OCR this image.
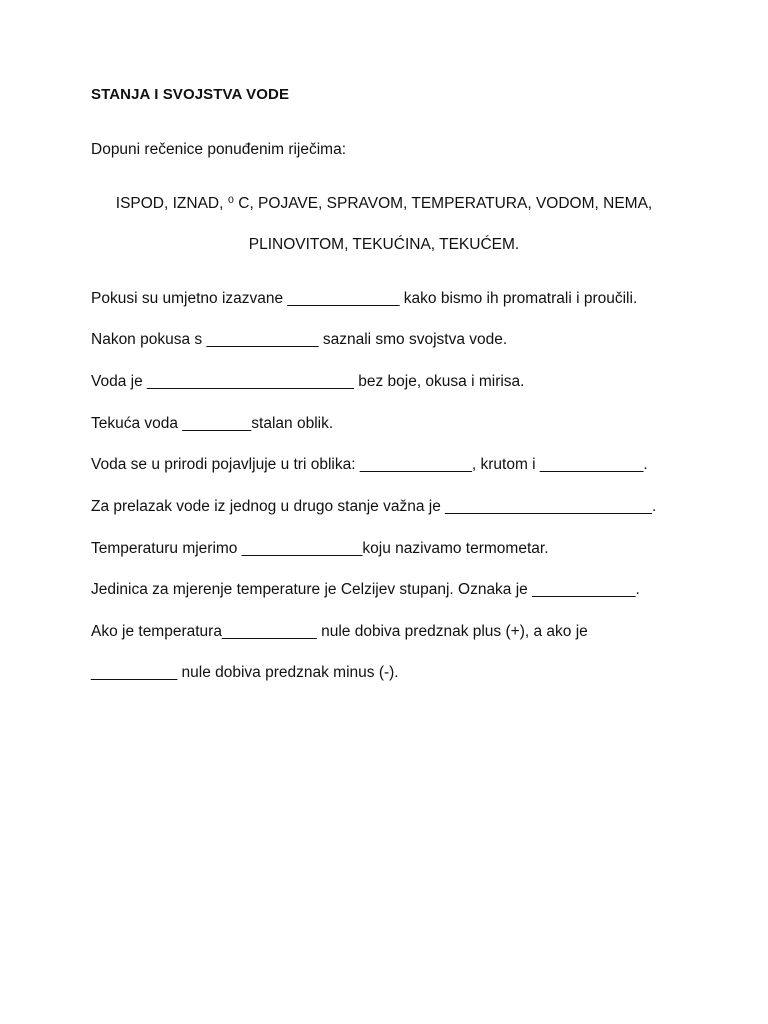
STANJA I SVOJSTVA VODE
Dopuni rečenice ponuđenim riječima:
ISPOD, IZNAD, ⁰ C, POJAVE, SPRAVOM, TEMPERATURA, VODOM, NEMA,
PLINOVITOM, TEKUĆINA, TEKUĆEM.
Pokusi su umjetno izazvane _____________ kako bismo ih promatrali i proučili.
Nakon pokusa s _____________ saznali smo svojstva vode.
Voda je ________________________ bez boje, okusa i mirisa.
Tekuća voda ________stalan oblik.
Voda se u prirodi pojavljuje u tri oblika: _____________, krutom i ____________.
Za prelazak vode iz jednog u drugo stanje važna je ________________________.
Temperaturu mjerimo ______________koju nazivamo termometar.
Jedinica za mjerenje temperature je Celzijev stupanj. Oznaka je ____________.
Ako je temperatura___________ nule dobiva predznak plus (+), a ako je
__________ nule dobiva predznak minus (-).
